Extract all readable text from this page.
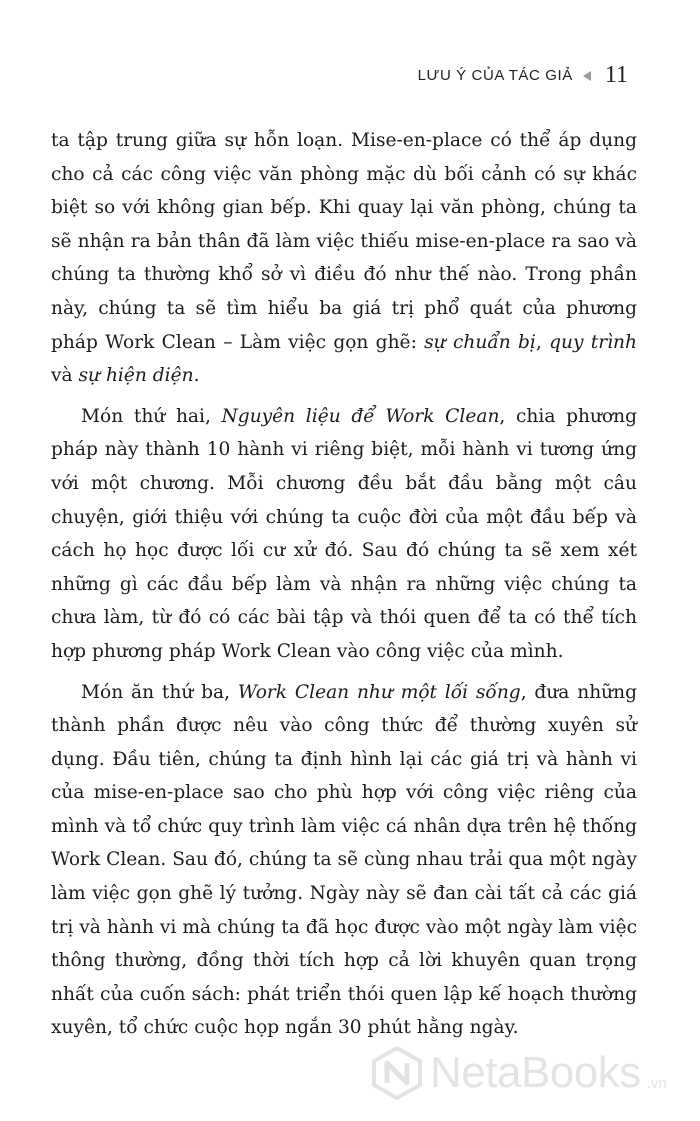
LƯU Ý CỦA TÁC GIẢ 11

ta tập trung giữa sự hỗn loạn. Mise-en-place có thể áp dụng cho cả các công việc văn phòng mặc dù bối cảnh có sự khác biệt so với không gian bếp. Khi quay lại văn phòng, chúng ta sẽ nhận ra bản thân đã làm việc thiếu mise-en-place ra sao và chúng ta thường khổ sở vì điều đó như thế nào. Trong phần này, chúng ta sẽ tìm hiểu ba giá trị phổ quát của phương pháp Work Clean – Làm việc gọn ghẽ: sự chuẩn bị, quy trình và sự hiện diện.

Món thứ hai, Nguyên liệu để Work Clean, chia phương pháp này thành 10 hành vi riêng biệt, mỗi hành vi tương ứng với một chương. Mỗi chương đều bắt đầu bằng một câu chuyện, giới thiệu với chúng ta cuộc đời của một đầu bếp và cách họ học được lối cư xử đó. Sau đó chúng ta sẽ xem xét những gì các đầu bếp làm và nhận ra những việc chúng ta chưa làm, từ đó có các bài tập và thói quen để ta có thể tích hợp phương pháp Work Clean vào công việc của mình.

Món ăn thứ ba, Work Clean như một lối sống, đưa những thành phần được nêu vào công thức để thường xuyên sử dụng. Đầu tiên, chúng ta định hình lại các giá trị và hành vi của mise-en-place sao cho phù hợp với công việc riêng của mình và tổ chức quy trình làm việc cá nhân dựa trên hệ thống Work Clean. Sau đó, chúng ta sẽ cùng nhau trải qua một ngày làm việc gọn ghẽ lý tưởng. Ngày này sẽ đan cài tất cả các giá trị và hành vi mà chúng ta đã học được vào một ngày làm việc thông thường, đồng thời tích hợp cả lời khuyên quan trọng nhất của cuốn sách: phát triển thói quen lập kế hoạch thường xuyên, tổ chức cuộc họp ngắn 30 phút hằng ngày.

NetaBooks .vn
